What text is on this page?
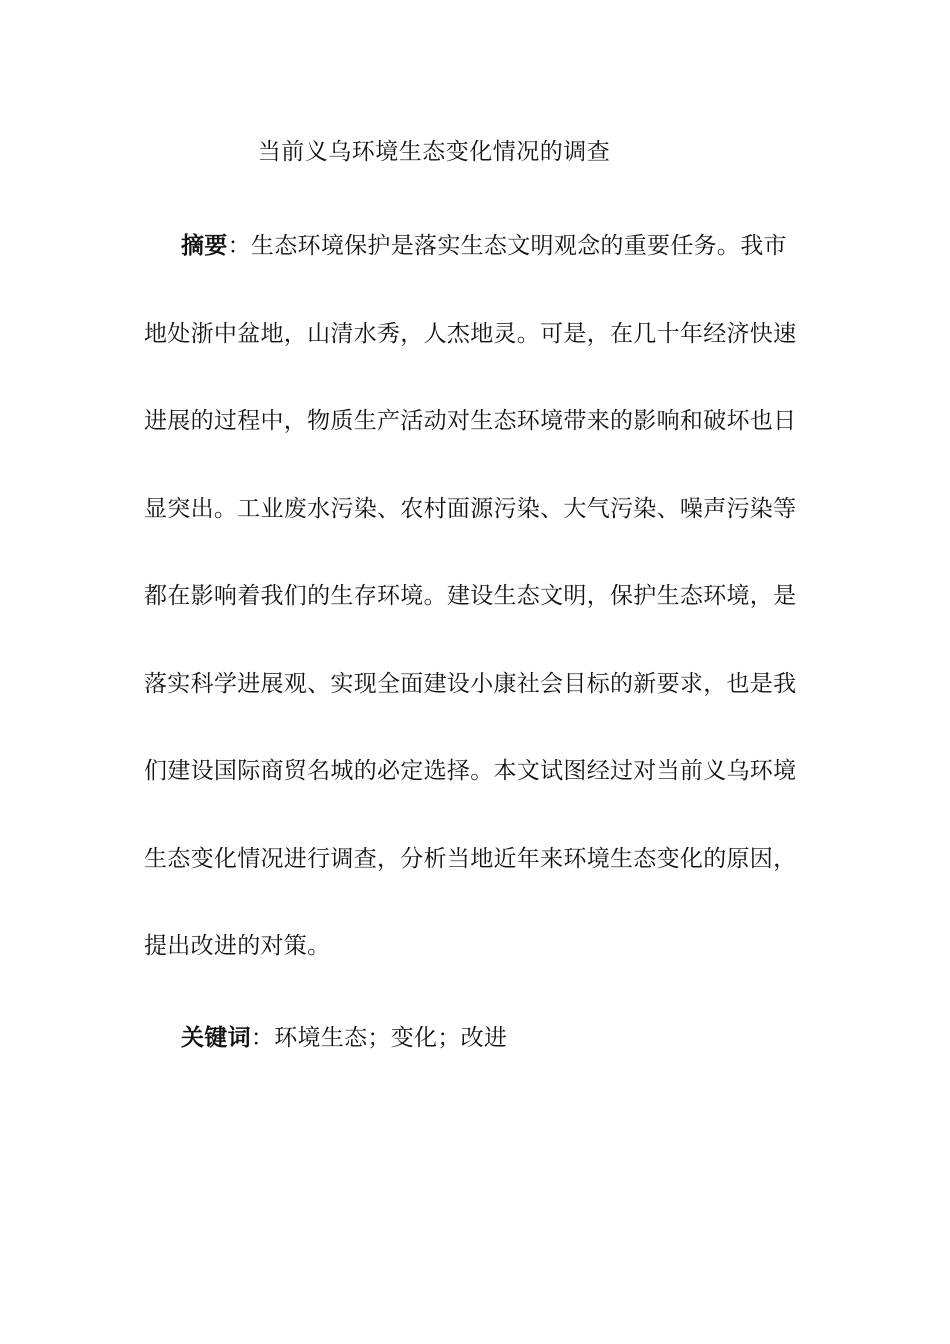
当前义乌环境生态变化情况的调查
摘要：生态环境保护是落实生态文明观念的重要任务。我市
地处浙中盆地，山清水秀，人杰地灵。可是，在几十年经济快速
进展的过程中，物质生产活动对生态环境带来的影响和破坏也日
显突出。工业废水污染、农村面源污染、大气污染、噪声污染等
都在影响着我们的生存环境。建设生态文明，保护生态环境，是
落实科学进展观、实现全面建设小康社会目标的新要求，也是我
们建设国际商贸名城的必定选择。本文试图经过对当前义乌环境
生态变化情况进行调查，分析当地近年来环境生态变化的原因，
提出改进的对策。
关键词：环境生态；变化；改进
